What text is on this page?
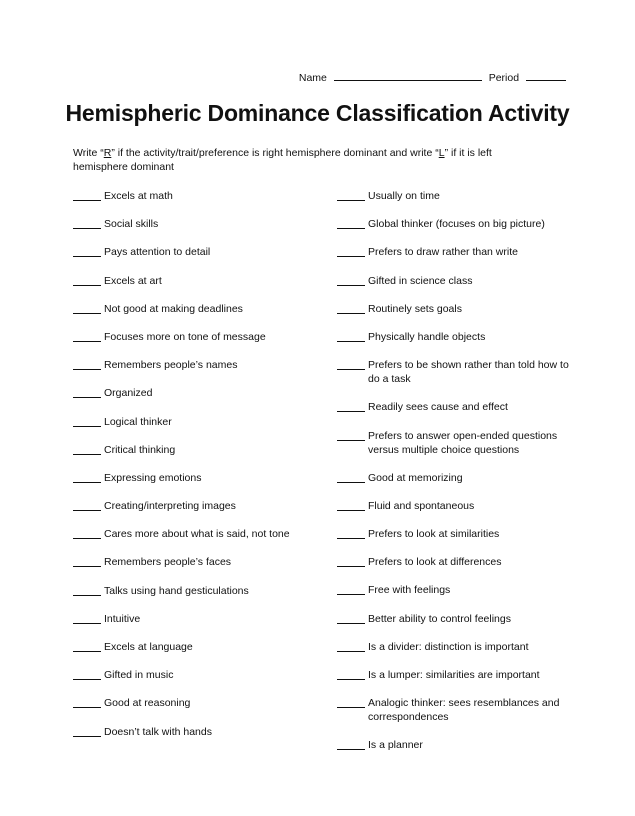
Name	Period
Hemispheric Dominance Classification Activity

Write “R” if the activity/trait/preference is right hemisphere dominant and write “L” if it is left hemisphere dominant

Excels at math
Social skills
Pays attention to detail
Excels at art
Not good at making deadlines
Focuses more on tone of message
Remembers people’s names
Organized
Logical thinker
Critical thinking
Expressing emotions
Creating/interpreting images
Cares more about what is said, not tone
Remembers people’s faces
Talks using hand gesticulations
Intuitive
Excels at language
Gifted in music
Good at reasoning
Doesn’t talk with hands
Usually on time
Global thinker (focuses on big picture)
Prefers to draw rather than write
Gifted in science class
Routinely sets goals
Physically handle objects
Prefers to be shown rather than told how to do a task
Readily sees cause and effect
Prefers to answer open-ended questions versus multiple choice questions
Good at memorizing
Fluid and spontaneous
Prefers to look at similarities
Prefers to look at differences
Free with feelings
Better ability to control feelings
Is a divider: distinction is important
Is a lumper: similarities are important
Analogic thinker: sees resemblances and correspondences
Is a planner
